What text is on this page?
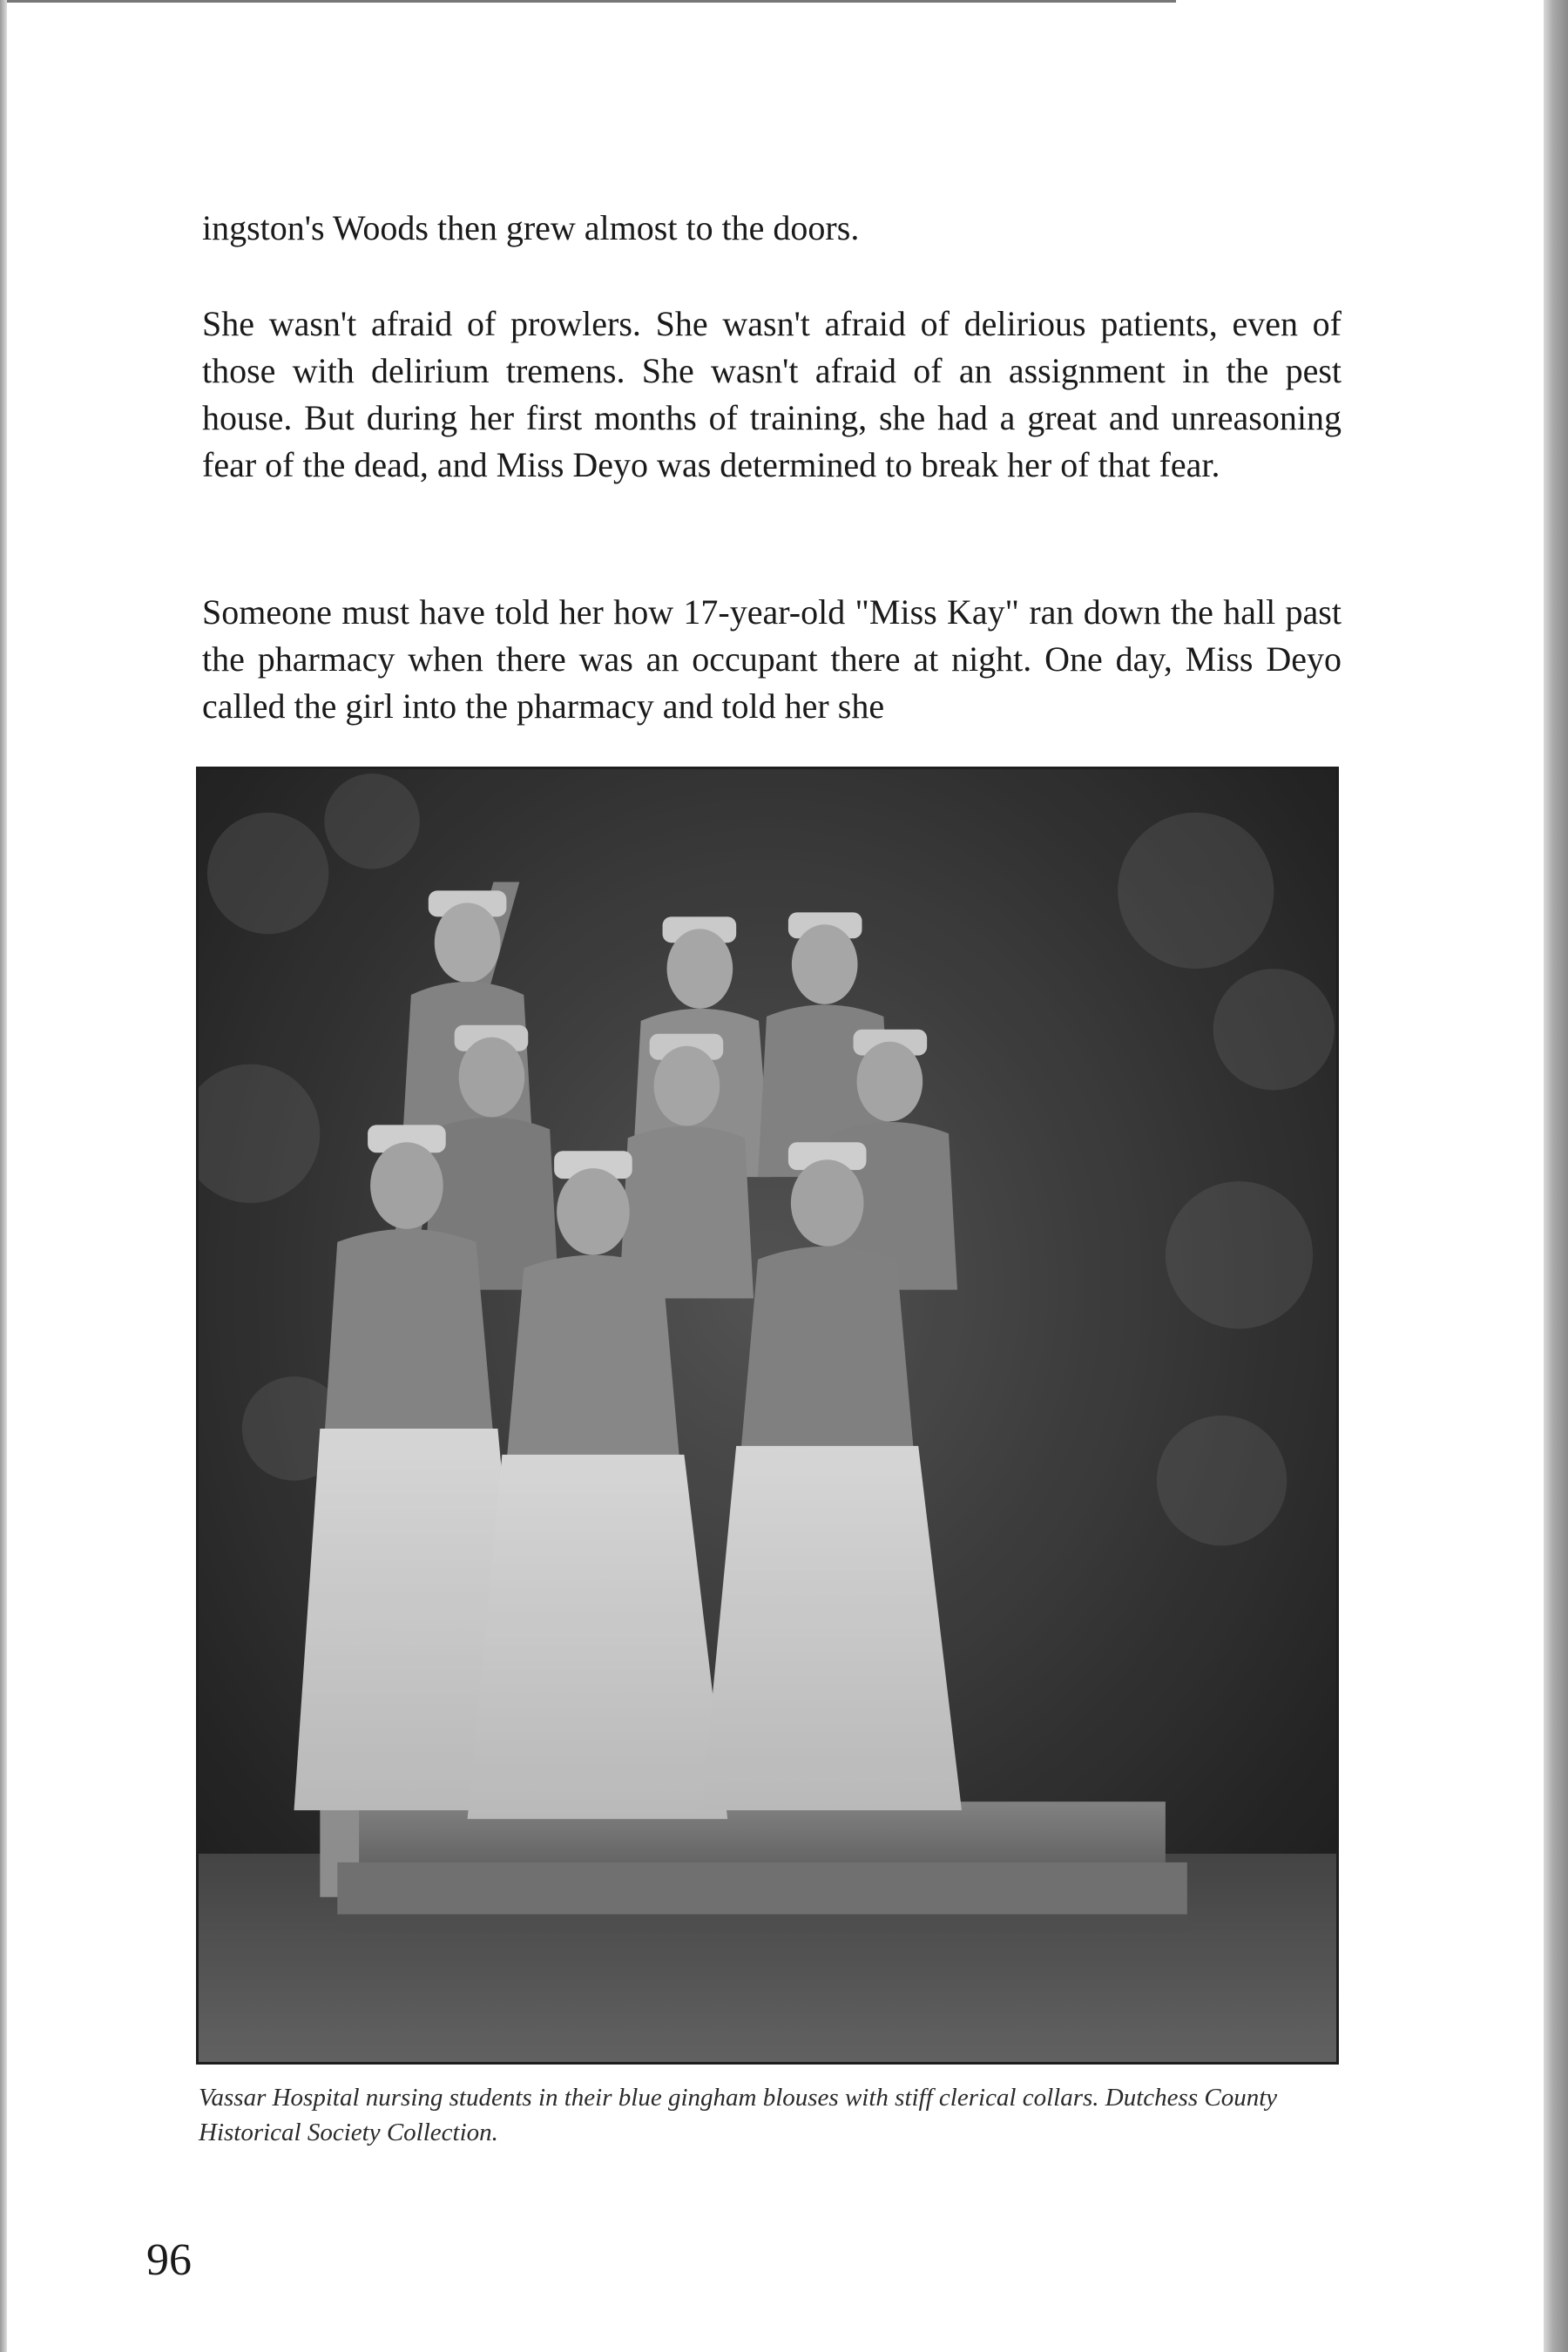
ingston's Woods then grew almost to the doors.

She wasn't afraid of prowlers. She wasn't afraid of delirious patients, even of those with delirium tremens. She wasn't afraid of an assignment in the pest house. But during her first months of training, she had a great and unreasoning fear of the dead, and Miss Deyo was determined to break her of that fear.

Someone must have told her how 17-year-old "Miss Kay" ran down the hall past the pharmacy when there was an occupant there at night. One day, Miss Deyo called the girl into the pharmacy and told her she

Vassar Hospital nursing students in their blue gingham blouses with stiff clerical collars. Dutchess County Historical Society Collection.
96
